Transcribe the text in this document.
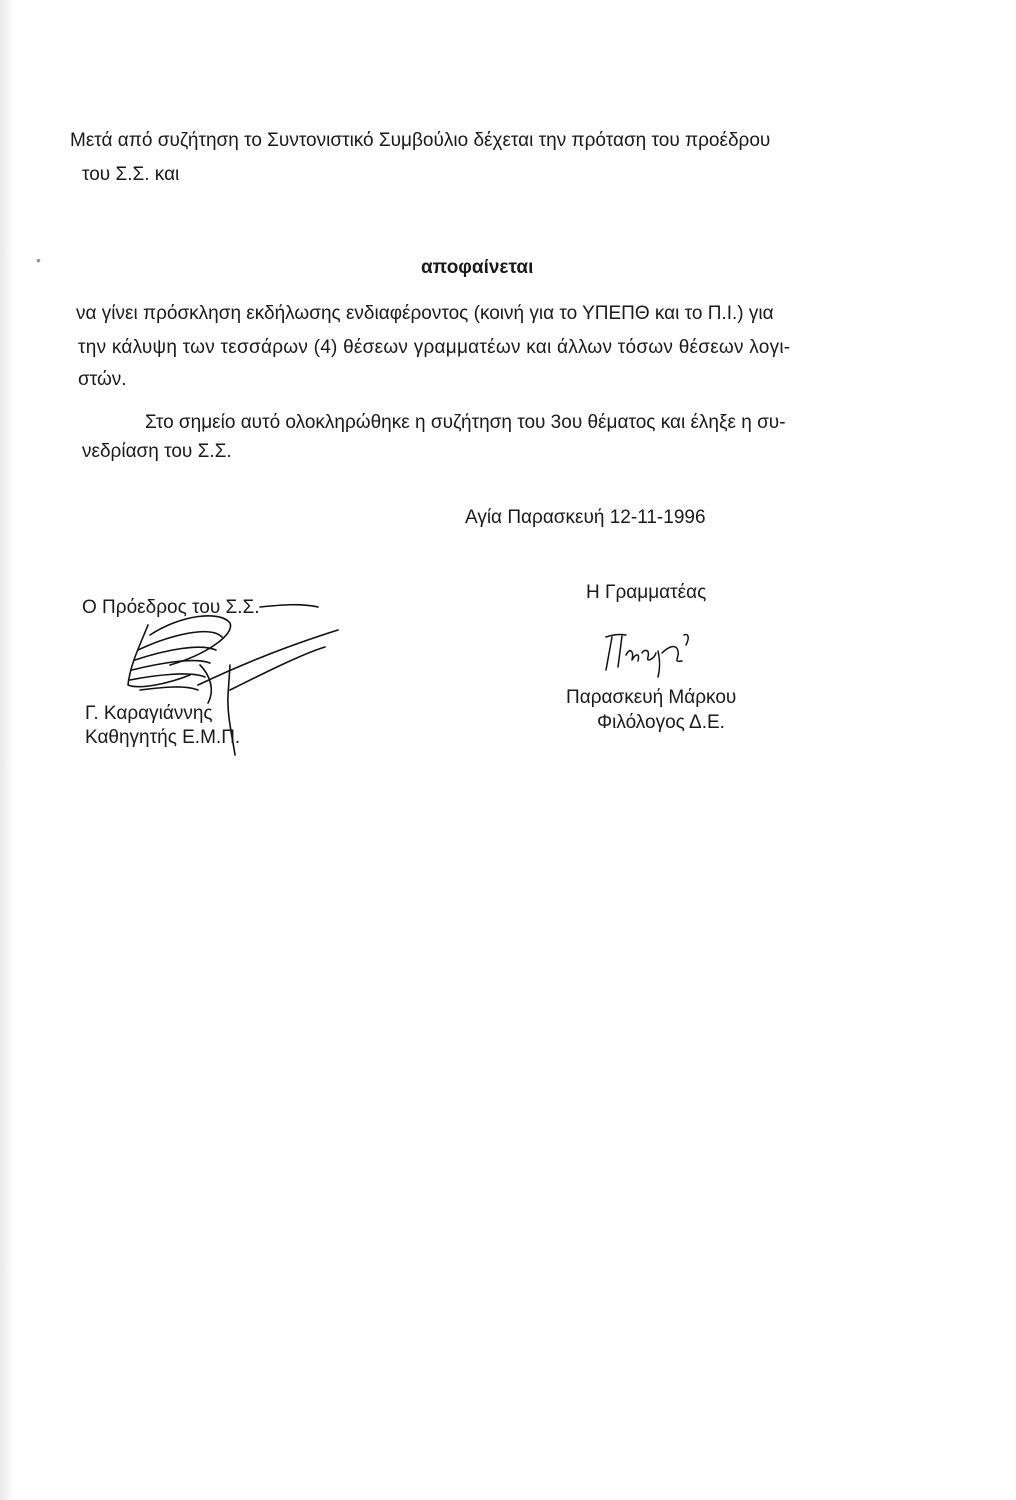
•
Μετά από συζήτηση το Συντονιστικό Συμβούλιο δέχεται την πρόταση του προέδρου
του Σ.Σ. και
αποφαίνεται
να γίνει πρόσκληση εκδήλωσης ενδιαφέροντος (κοινή για το ΥΠΕΠΘ και το Π.Ι.) για
την κάλυψη των τεσσάρων (4) θέσεων γραμματέων και άλλων τόσων θέσεων λογι-
στών.
Στο σημείο αυτό ολοκληρώθηκε η συζήτηση του 3ου θέματος και έληξε η συ-
νεδρίαση του Σ.Σ.
Αγία Παρασκευή 12-11-1996
Ο Πρόεδρος του Σ.Σ.
Γ. Καραγιάννης
Καθηγητής Ε.Μ.Π.
Η Γραμματέας
Παρασκευή Μάρκου
Φιλόλογος Δ.Ε.
